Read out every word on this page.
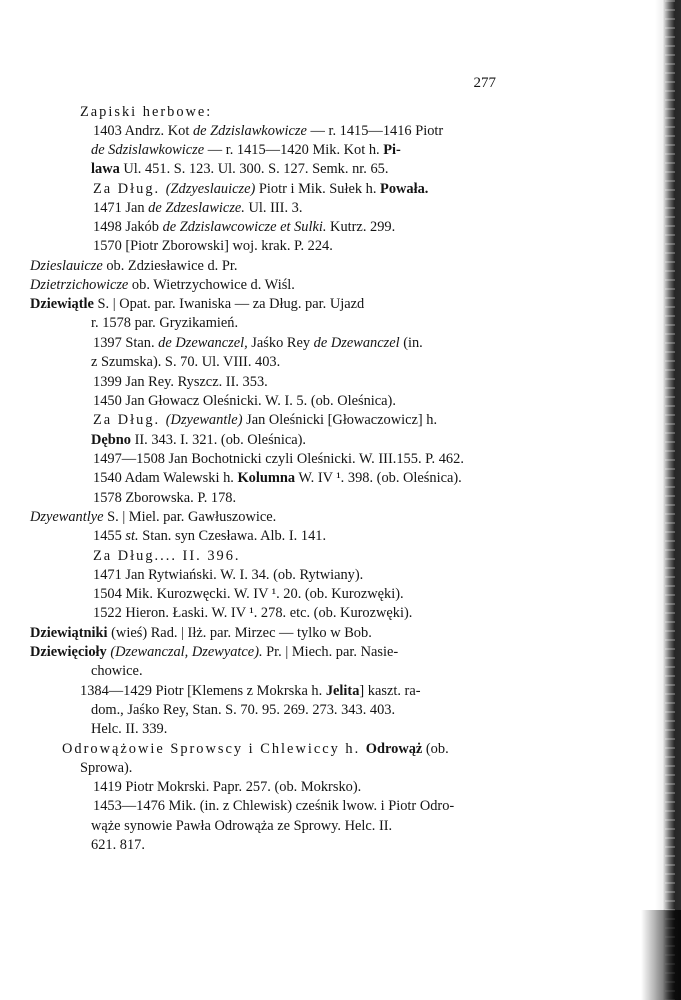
277
Zapiski herbowe:
1403 Andrz. Kot de Zdzislawkowicze — r. 1415—1416 Piotr
de Sdzislawkowicze — r. 1415—1420 Mik. Kot h. Pi-
lawa Ul. 451. S. 123. Ul. 300. S. 127. Semk. nr. 65.
Za Dług. (Zdzyeslauicze) Piotr i Mik. Sułek h. Powała.
1471 Jan de Zdzeslawicze. Ul. III. 3.
1498 Jakób de Zdzislawcowicze et Sulki. Kutrz. 299.
1570 [Piotr Zborowski] woj. krak. P. 224.
Dzieslauicze ob. Zdziesławice d. Pr.
Dzietrzichowicze ob. Wietrzychowice d. Wiśl.
Dziewiątle S. | Opat. par. Iwaniska — za Dług. par. Ujazd
r. 1578 par. Gryzikamień.
1397 Stan. de Dzewanczel, Jaśko Rey de Dzewanczel (in.
z Szumska). S. 70. Ul. VIII. 403.
1399 Jan Rey. Ryszcz. II. 353.
1450 Jan Głowacz Oleśnicki. W. I. 5. (ob. Oleśnica).
Za Dług. (Dzyewantle) Jan Oleśnicki [Głowaczowicz] h.
Dębno II. 343. I. 321. (ob. Oleśnica).
1497—1508 Jan Bochotnicki czyli Oleśnicki. W. III.155. P. 462.
1540 Adam Walewski h. Kolumna W. IV ¹. 398. (ob. Oleśnica).
1578 Zborowska. P. 178.
Dzyewantlye S. | Miel. par. Gawłuszowice.
1455 st. Stan. syn Czesława. Alb. I. 141.
Za Dług.... II. 396.
1471 Jan Rytwiański. W. I. 34. (ob. Rytwiany).
1504 Mik. Kurozwęcki. W. IV ¹. 20. (ob. Kurozwęki).
1522 Hieron. Łaski. W. IV ¹. 278. etc. (ob. Kurozwęki).
Dziewiątniki (wieś) Rad. | Iłż. par. Mirzec — tylko w Bob.
Dziewięcioły (Dzewanczal, Dzewyatce). Pr. | Miech. par. Nasie-
chowice.
1384—1429 Piotr [Klemens z Mokrska h. Jelita] kaszt. ra-
dom., Jaśko Rey, Stan. S. 70. 95. 269. 273. 343. 403.
Helc. II. 339.
Odrowążowie Sprowscy i Chlewiccy h. Odrowąż (ob.
Sprowa).
1419 Piotr Mokrski. Papr. 257. (ob. Mokrsko).
1453—1476 Mik. (in. z Chlewisk) cześnik lwow. i Piotr Odro-
wąże synowie Pawła Odrowąża ze Sprowy. Helc. II.
621. 817.
